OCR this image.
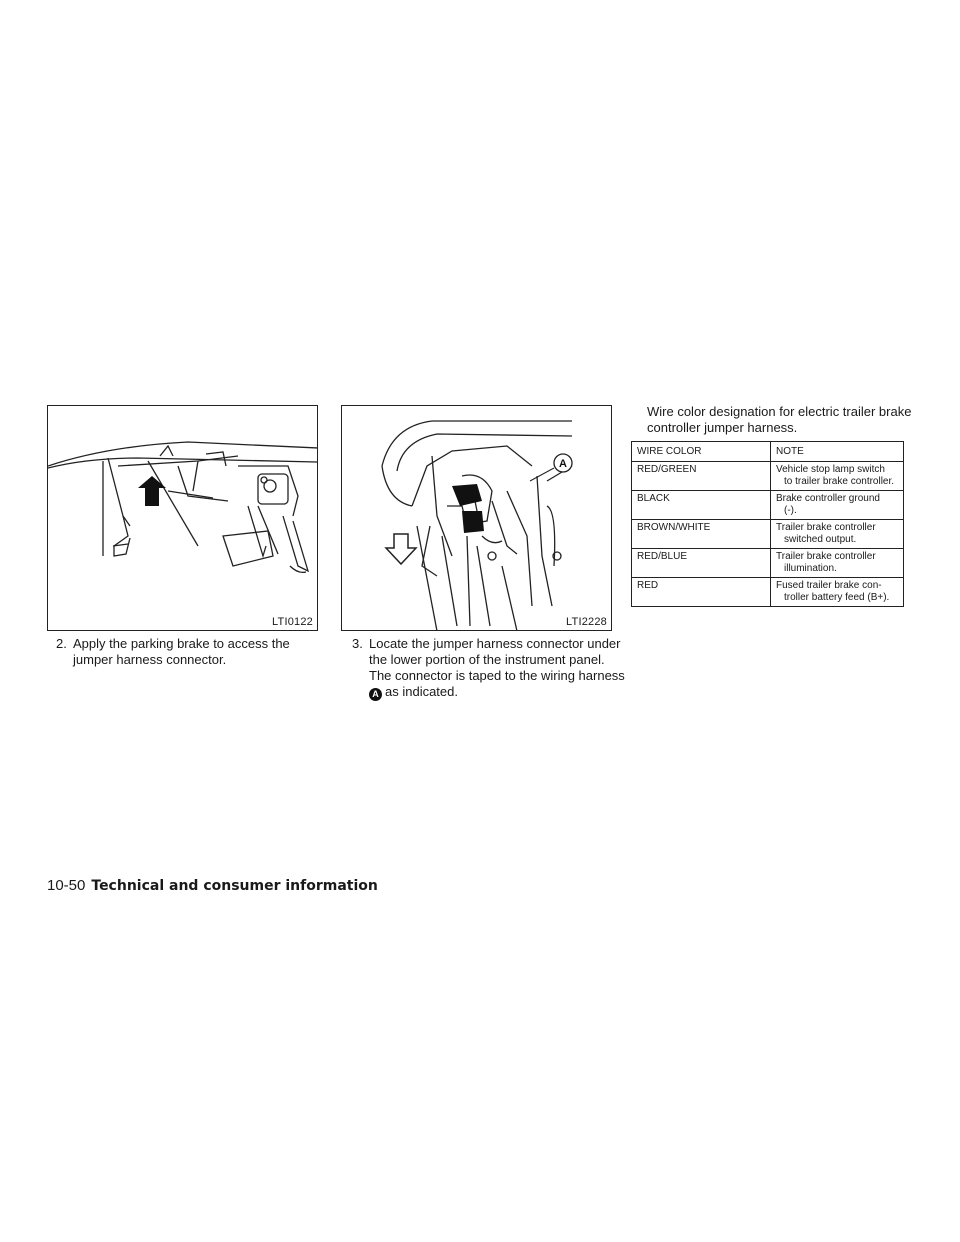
LTI0122
A
LTI2228
2. Apply the parking brake to access the
jumper harness connector.
3. Locate the jumper harness connector under
the lower portion of the instrument panel.
The connector is taped to the wiring harness
A as indicated.
Wire color designation for electric trailer brake
controller jumper harness.
WIRE COLOR	NOTE
RED/GREEN	Vehicle stop lamp switch
to trailer brake controller.

BLACK	Brake controller ground
(-).

BROWN/WHITE	Trailer brake controller
switched output.

RED/BLUE	Trailer brake controller
illumination.

RED	Fused trailer brake con-
troller battery feed (B+).
10-50 Technical and consumer information
